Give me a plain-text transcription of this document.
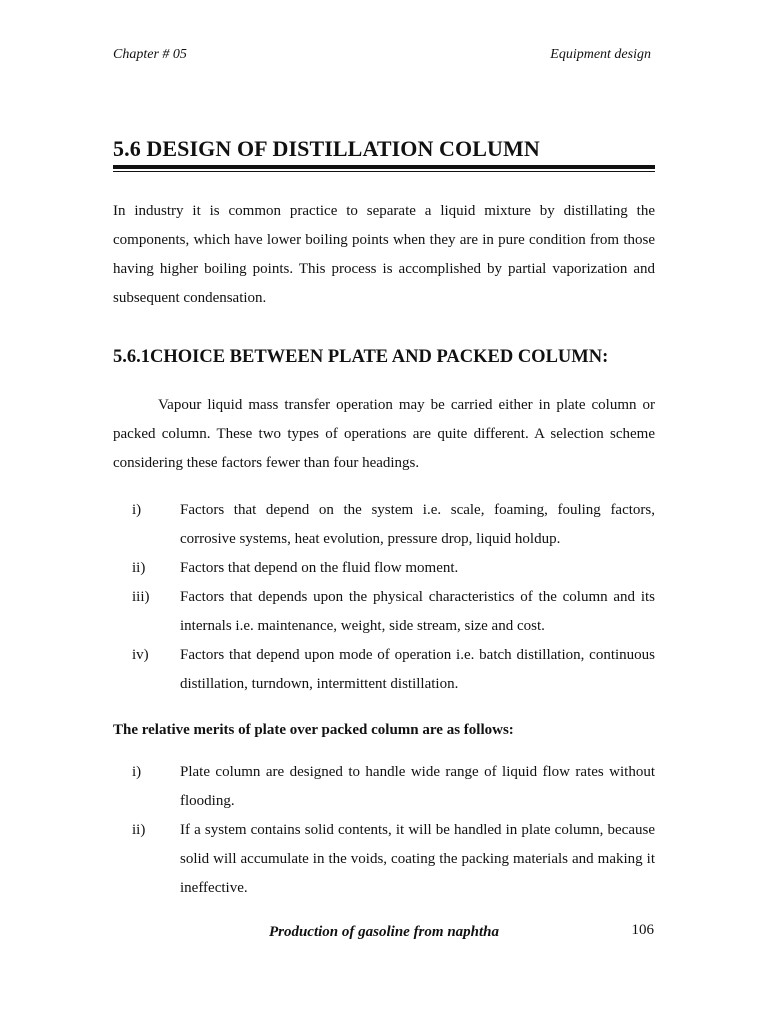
Chapter # 05	Equipment design
5.6 DESIGN OF DISTILLATION COLUMN

In industry it is common practice to separate a liquid mixture by distillating the components, which have lower boiling points when they are in pure condition from those having higher boiling points. This process is accomplished by partial vaporization and subsequent condensation.

5.6.1CHOICE BETWEEN PLATE AND PACKED COLUMN:

Vapour liquid mass transfer operation may be carried either in plate column or packed column. These two types of operations are quite different. A selection scheme considering these factors fewer than four headings.

i)	Factors that depend on the system i.e. scale, foaming, fouling factors, corrosive systems, heat evolution, pressure drop, liquid holdup.
ii) Factors that depend on the fluid flow moment.
iii) Factors that depends upon the physical characteristics of the column and its internals i.e. maintenance, weight, side stream, size and cost.
iv) Factors that depend upon mode of operation i.e. batch distillation, continuous distillation, turndown, intermittent distillation.
The relative merits of plate over packed column are as follows:
i)	Plate column are designed to handle wide range of liquid flow rates without flooding.
ii) If a system contains solid contents, it will be handled in plate column, because solid will accumulate in the voids, coating the packing materials and making it ineffective.
Production of gasoline from naphtha	106
